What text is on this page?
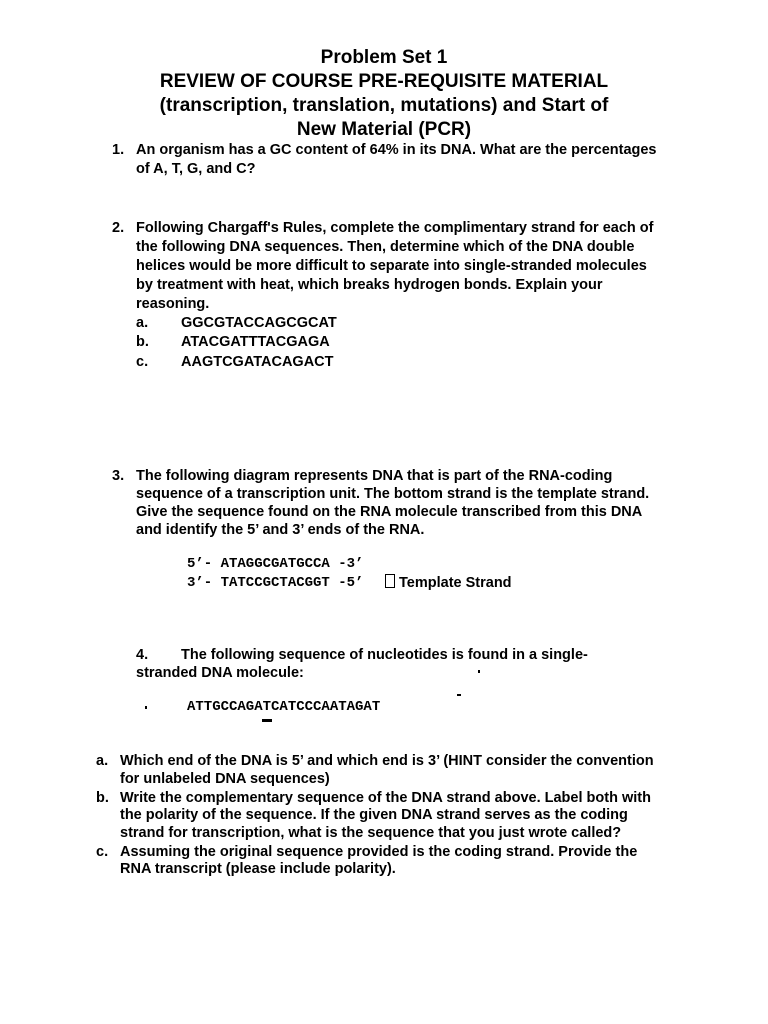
Problem Set 1
REVIEW OF COURSE PRE-REQUISITE MATERIAL
(transcription, translation, mutations) and Start of
New Material (PCR)
1. An organism has a GC content of 64% in its DNA. What are the percentages
of A, T, G, and C?
2. Following Chargaff's Rules, complete the complimentary strand for each of
the following DNA sequences. Then, determine which of the DNA double
helices would be more difficult to separate into single-stranded molecules
by treatment with heat, which breaks hydrogen bonds. Explain your
reasoning.
a. GGCGTACCAGCGCAT
b. ATACGATTTACGAGA
c. AAGTCGATACAGACT
3. The following diagram represents DNA that is part of the RNA-coding
sequence of a transcription unit. The bottom strand is the template strand.
Give the sequence found on the RNA molecule transcribed from this DNA
and identify the 5’ and 3’ ends of the RNA.
5’- ATAGGCGATGCCA -3’
3’- TATCCGCTACGGT -5’	Template Strand
4. The following sequence of nucleotides is found in a single-
stranded DNA molecule:
ATTGCCAGATCATCCCAATAGAT
a. Which end of the DNA is 5’ and which end is 3’ (HINT consider the convention
for unlabeled DNA sequences)
b. Write the complementary sequence of the DNA strand above. Label both with
the polarity of the sequence. If the given DNA strand serves as the coding
strand for transcription, what is the sequence that you just wrote called?
c. Assuming the original sequence provided is the coding strand. Provide the
RNA transcript (please include polarity).
